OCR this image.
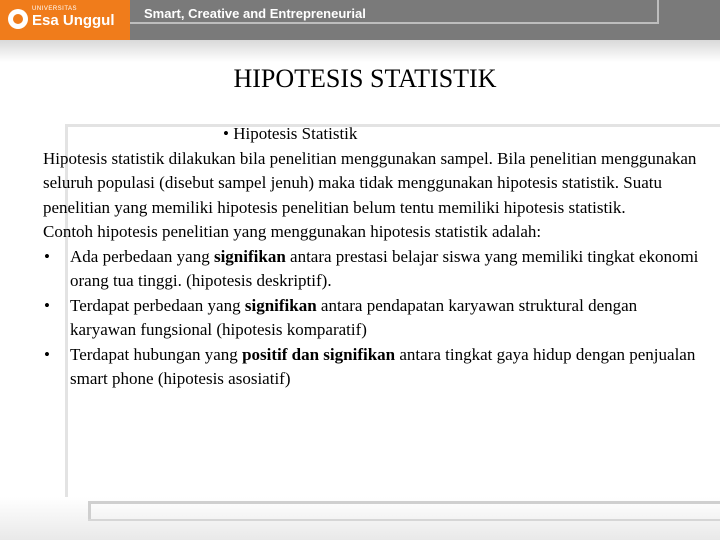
UNIVERSITAS
Esa Unggul Smart, Creative and Entrepreneurial
HIPOTESIS STATISTIK

• Hipotesis Statistik

Hipotesis statistik dilakukan bila penelitian menggunakan sampel. Bila penelitian menggunakan seluruh populasi (disebut sampel jenuh) maka tidak menggunakan hipotesis statistik. Suatu penelitian yang memiliki hipotesis penelitian belum tentu memiliki hipotesis statistik.

Contoh hipotesis penelitian yang menggunakan hipotesis statistik adalah:

• Ada perbedaan yang signifikan antara prestasi belajar siswa yang memiliki tingkat ekonomi orang tua tinggi. (hipotesis deskriptif).
• Terdapat perbedaan yang signifikan antara pendapatan karyawan struktural dengan karyawan fungsional (hipotesis komparatif)
• Terdapat hubungan yang positif dan signifikan antara tingkat gaya hidup dengan penjualan smart phone (hipotesis asosiatif)
